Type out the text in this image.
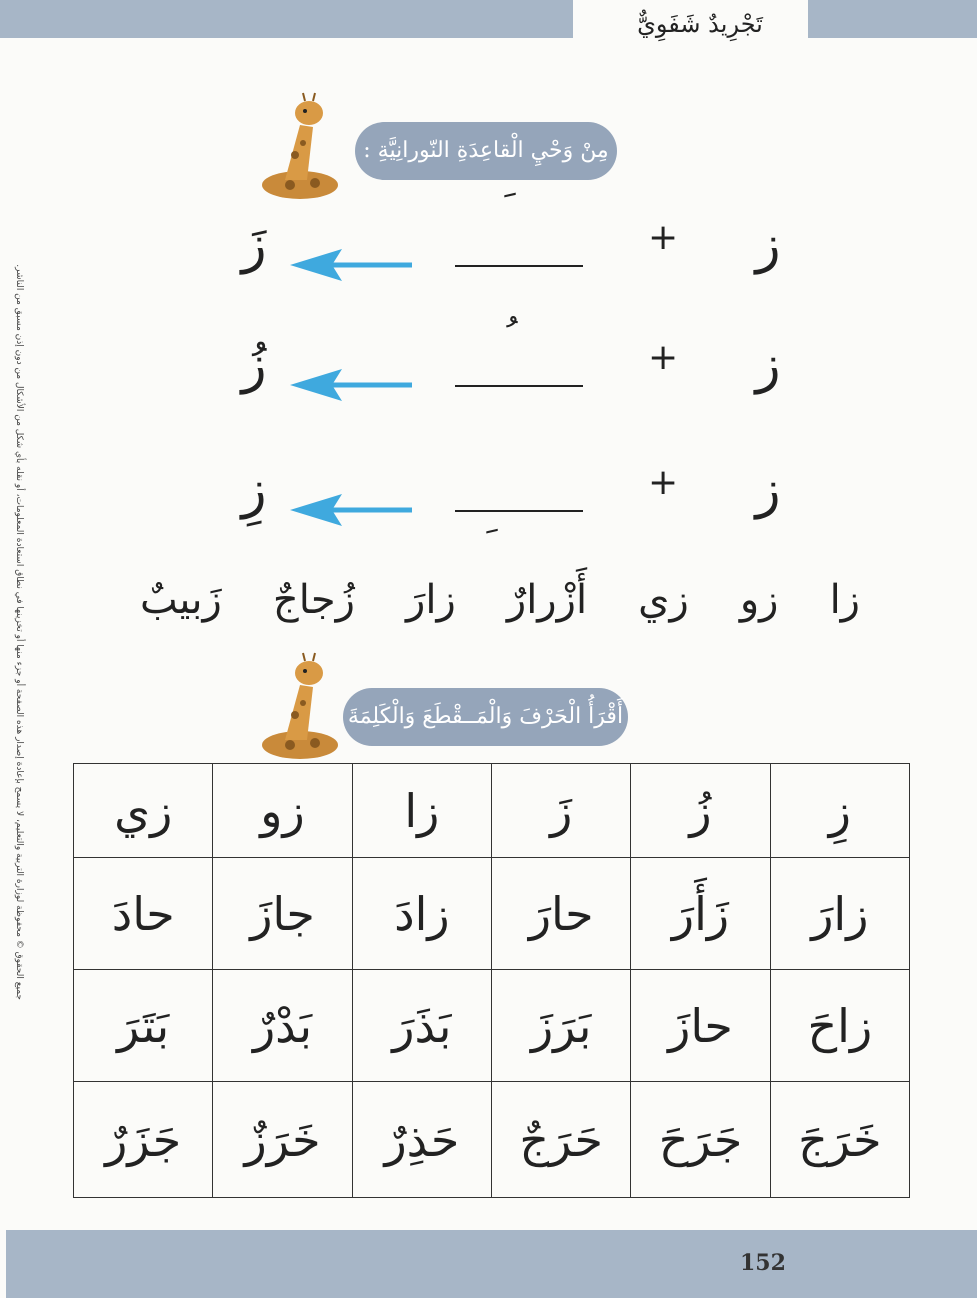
تَجْرِيدٌ شَفَوِيٌّ
جميع الحقوق © محفوظة لوزارة التربية والتعليم، لا يسمح بإعادة إصدار هذه الصفحة أو جزء منها أو تخزينها في نطاق استعادة المعلومات، أو نقله بأي شكل من الأشكال من دون إذن مسبق من الناشر.
مِنْ وَحْيِ الْقاعِدَةِ النّورانِيَّةِ :
ز
+
زَ
ز
+
زُ
ز
+
زِ
زا
زو
زي
أَزْرارٌ
زارَ
زُجاجٌ
زَبيبٌ
أَقْرَأُ الْحَرْفَ وَالْمَــقْطَعَ وَالْكَلِمَةَ
زِ	زُ	زَ	زا	زو	زي
زارَ	زَأَرَ	حارَ	زادَ	جازَ	حادَ
زاحَ	حازَ	بَرَزَ	بَذَرَ	بَدْرٌ	بَتَرَ
خَرَجَ	جَرَحَ	حَرَجٌ	حَذِرٌ	خَرَزٌ	جَزَرٌ
152
